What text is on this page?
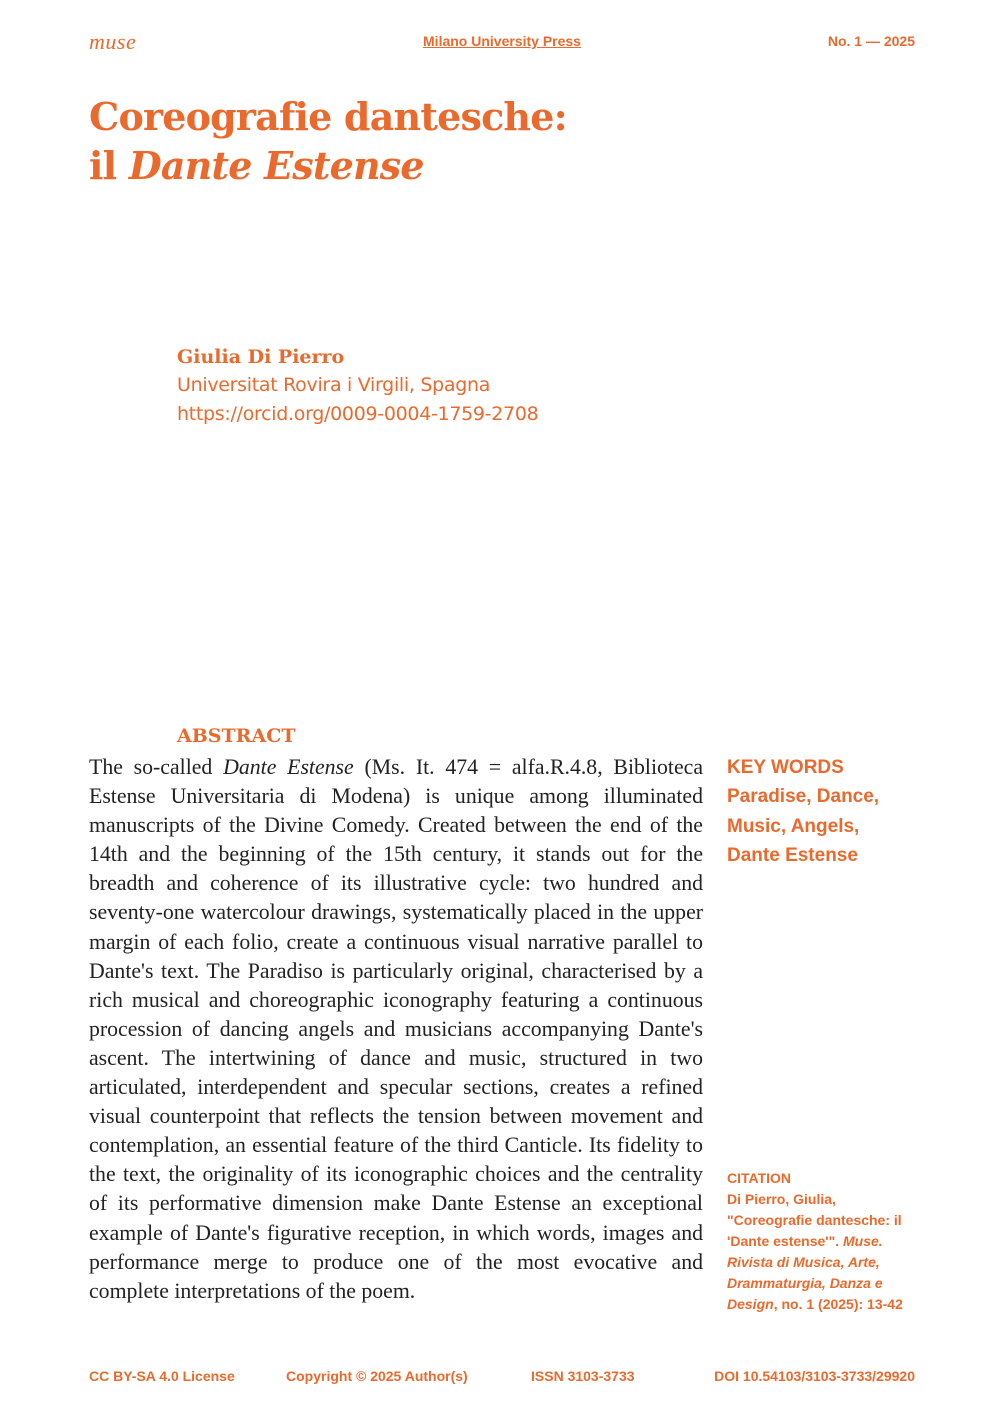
muse	Milano University Press	No. 1 — 2025
Coreografie dantesche:
il Dante Estense
Giulia Di Pierro
Universitat Rovira i Virgili, Spagna
https://orcid.org/0009-0004-1759-2708
ABSTRACT

The so-called Dante Estense (Ms. It. 474 = alfa.R.4.8, Biblioteca Estense Universitaria di Modena) is unique among illuminated manuscripts of the Divine Comedy. Created between the end of the 14th and the beginning of the 15th century, it stands out for the breadth and coherence of its illustrative cycle: two hundred and seventy-one watercolour drawings, systematically placed in the upper margin of each folio, create a continuous visual narrative parallel to Dante's text. The Paradiso is particularly original, characterised by a rich musical and choreographic iconography featuring a continuous procession of dancing angels and musicians accompanying Dante's ascent. The intertwining of dance and music, structured in two articulated, interdependent and specular sections, creates a refined visual counterpoint that reflects the tension between movement and contemplation, an essential feature of the third Canticle. Its fidelity to the text, the originality of its iconographic choices and the centrality of its performative dimension make Dante Estense an exceptional example of Dante's figurative reception, in which words, images and performance merge to produce one of the most evocative and complete interpretations of the poem.

KEY WORDS
Paradise, Dance, Music, Angels, Dante Estense
CITATION
Di Pierro, Giulia, "Coreografie dantesche: il 'Dante estense'". Muse. Rivista di Musica, Arte, Drammaturgia, Danza e Design, no. 1 (2025): 13-42
CC BY-SA 4.0 License	Copyright © 2025 Author(s)	ISSN 3103-3733	DOI 10.54103/3103-3733/29920
